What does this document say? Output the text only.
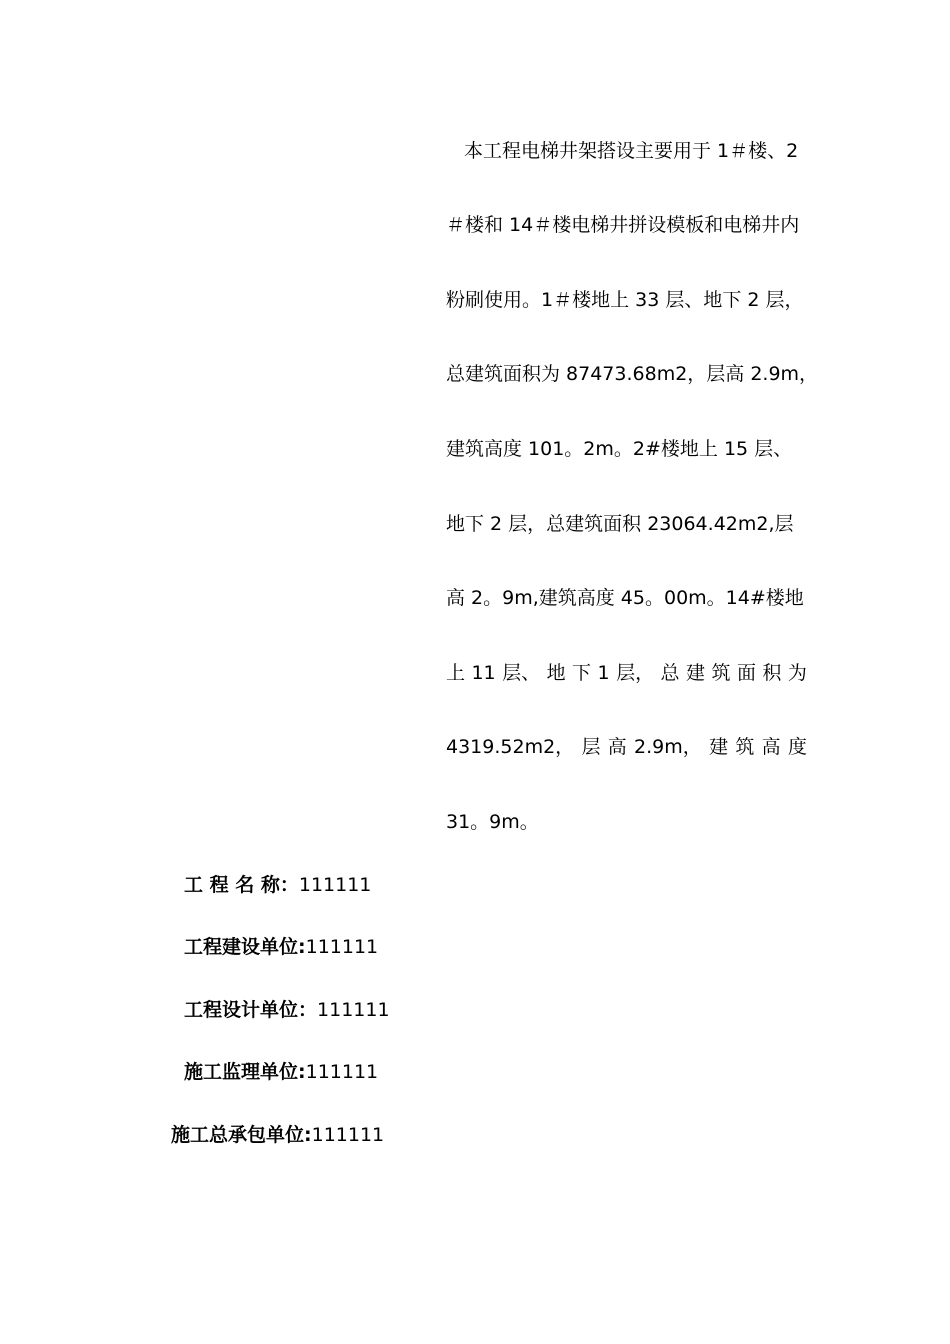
本工程电梯井架搭设主要用于 1＃楼、2
＃楼和 14＃楼电梯井拼设模板和电梯井内
粉刷使用。1＃楼地上 33 层、地下 2 层，
总建筑面积为 87473.68m2，层高 2.9m，
建筑高度 101。2m。2#楼地上 15 层、
地下 2 层，总建筑面积 23064.42m2,层
高 2。9m,建筑高度 45。00m。14#楼地
上 11 层、 地 下 1 层， 总 建 筑 面 积 为
4319.52m2， 层 高 2.9m， 建 筑 高 度
31。9m。
工 程 名 称：111111
工程建设单位:111111
工程设计单位：111111
施工监理单位:111111
施工总承包单位:111111
